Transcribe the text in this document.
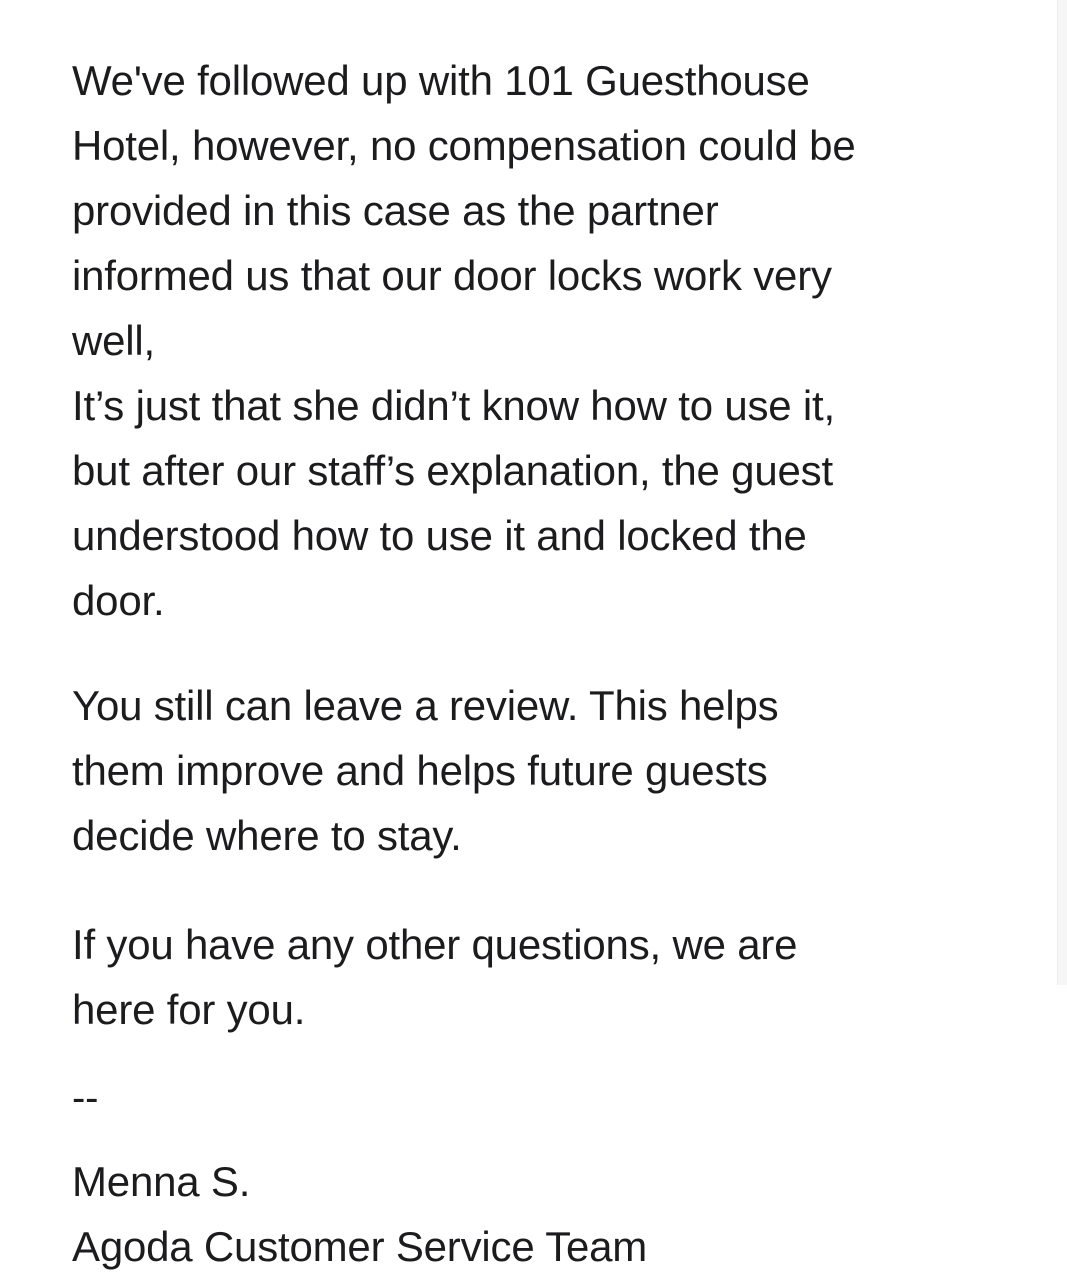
We've followed up with 101 Guesthouse
Hotel, however, no compensation could be
provided in this case as the partner
informed us that our door locks work very
well,
It’s just that she didn’t know how to use it,
but after our staff’s explanation, the guest
understood how to use it and locked the
door.

You still can leave a review. This helps
them improve and helps future guests
decide where to stay.

If you have any other questions, we are
here for you.

--

Menna S.

Agoda Customer Service Team
